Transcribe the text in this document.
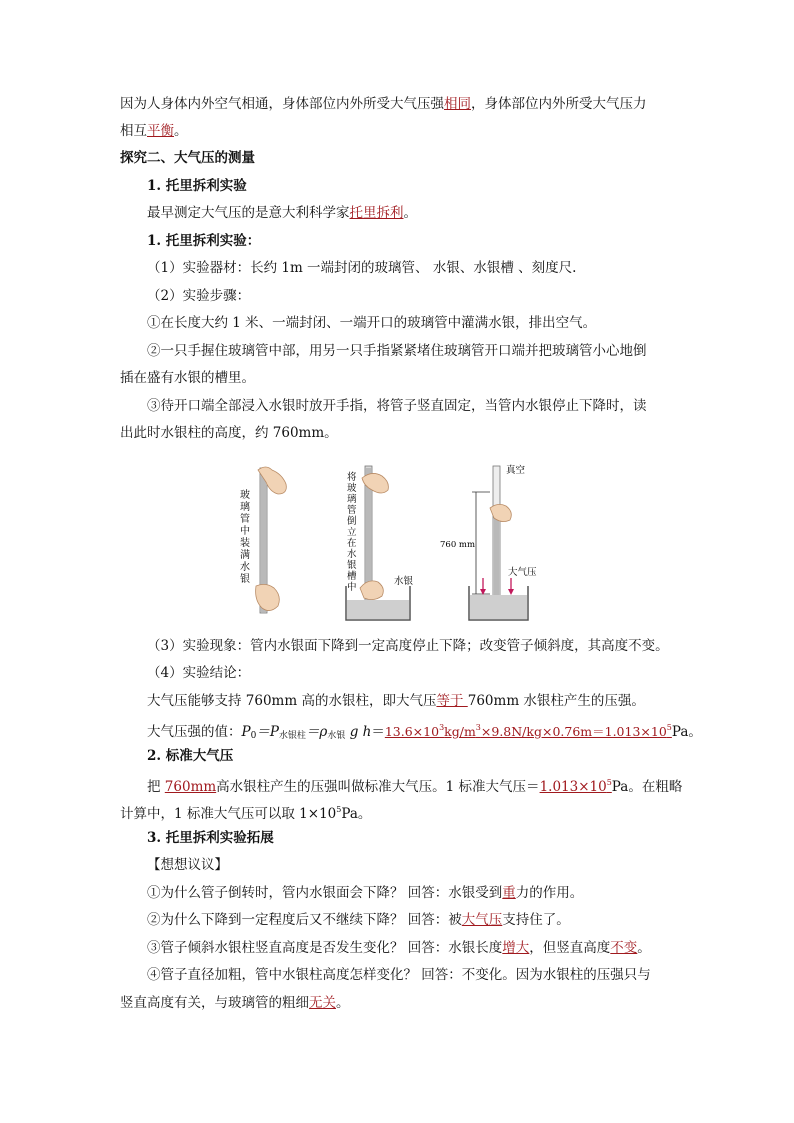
因为人身体内外空气相通，身体部位内外所受大气压强相同，身体部位内外所受大气压力
相互平衡。
探究二、大气压的测量
1. 托里拆利实验
最早测定大气压的是意大利科学家托里拆利。
1. 托里拆利实验：
（1）实验器材：长约 1m 一端封闭的玻璃管、 水银、水银槽 、刻度尺.
（2）实验步骤：
①在长度大约 1 米、一端封闭、一端开口的玻璃管中灌满水银，排出空气。
②一只手握住玻璃管中部，用另一只手指紧紧堵住玻璃管开口端并把玻璃管小心地倒
插在盛有水银的槽里。
③待开口端全部浸入水银时放开手指，将管子竖直固定，当管内水银停止下降时，读
出此时水银柱的高度，约 760mm。
玻
璃
管
中
装
满
水
银
将
玻
璃
管
倒
立
在
水
银
槽
中
水银
真空
760 mm
大气压
（3）实验现象：管内水银面下降到一定高度停止下降；改变管子倾斜度，其高度不变。
（4）实验结论：
大气压能够支持 760mm 高的水银柱，即大气压等于 760mm 水银柱产生的压强。
大气压强的值：$P_0=P_{水银柱}=\rho_{水银}$ g $h=13.6\times 10^3kg/m^3\times 9.8N/kg\times 0.76m=1.013\times 10^5Pa$。
2. 标准大气压
把 760mm高水银柱产生的压强叫做标准大气压。1 标准大气压$=1.013\times 10^5Pa$。在粗略
计算中，1 标准大气压可以取 $1\times 10^5Pa$。
3. 托里拆利实验拓展
【想想议议】
①为什么管子倒转时，管内水银面会下降？ 回答：水银受到重力的作用。
②为什么下降到一定程度后又不继续下降？ 回答：被大气压支持住了。
③管子倾斜水银柱竖直高度是否发生变化？ 回答：水银长度增大，但竖直高度不变。
④管子直径加粗，管中水银柱高度怎样变化？ 回答：不变化。因为水银柱的压强只与
竖直高度有关，与玻璃管的粗细无关。
